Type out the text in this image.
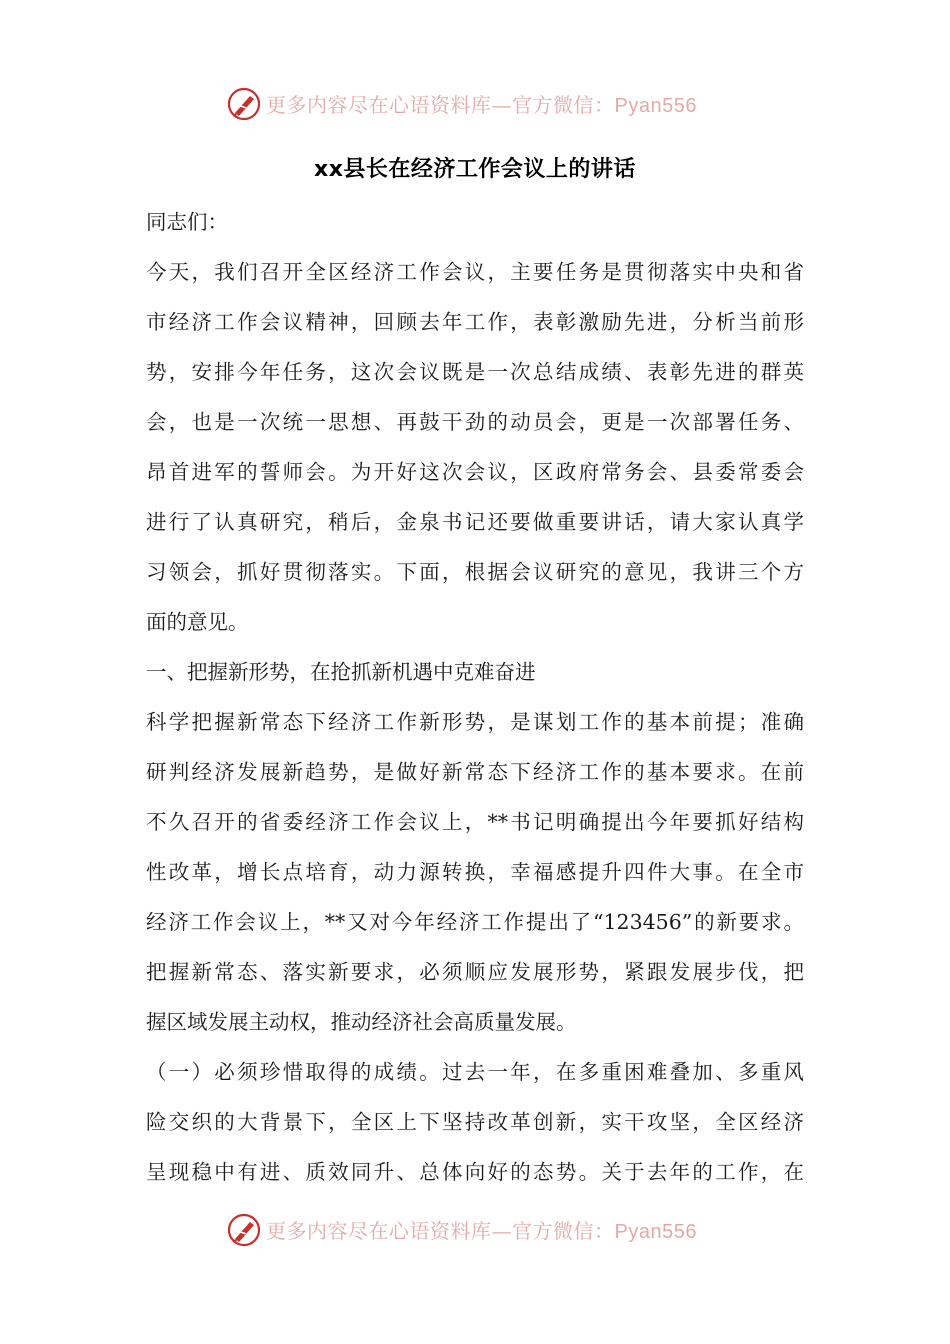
更多内容尽在心语资料库—官方微信：Pyan556
xx县长在经济工作会议上的讲话
同志们：
今天，我们召开全区经济工作会议，主要任务是贯彻落实中央和省
市经济工作会议精神，回顾去年工作，表彰激励先进，分析当前形
势，安排今年任务，这次会议既是一次总结成绩、表彰先进的群英
会，也是一次统一思想、再鼓干劲的动员会，更是一次部署任务、
昂首进军的誓师会。为开好这次会议，区政府常务会、县委常委会
进行了认真研究，稍后，金泉书记还要做重要讲话，请大家认真学
习领会，抓好贯彻落实。下面，根据会议研究的意见，我讲三个方
面的意见。
一、把握新形势，在抢抓新机遇中克难奋进
科学把握新常态下经济工作新形势，是谋划工作的基本前提；准确
研判经济发展新趋势，是做好新常态下经济工作的基本要求。在前
不久召开的省委经济工作会议上，**书记明确提出今年要抓好结构
性改革，增长点培育，动力源转换，幸福感提升四件大事。在全市
经济工作会议上，**又对今年经济工作提出了“123456”的新要求。
把握新常态、落实新要求，必须顺应发展形势，紧跟发展步伐，把
握区域发展主动权，推动经济社会高质量发展。
（一）必须珍惜取得的成绩。过去一年，在多重困难叠加、多重风
险交织的大背景下，全区上下坚持改革创新，实干攻坚，全区经济
呈现稳中有进、质效同升、总体向好的态势。关于去年的工作，在
更多内容尽在心语资料库—官方微信：Pyan556
